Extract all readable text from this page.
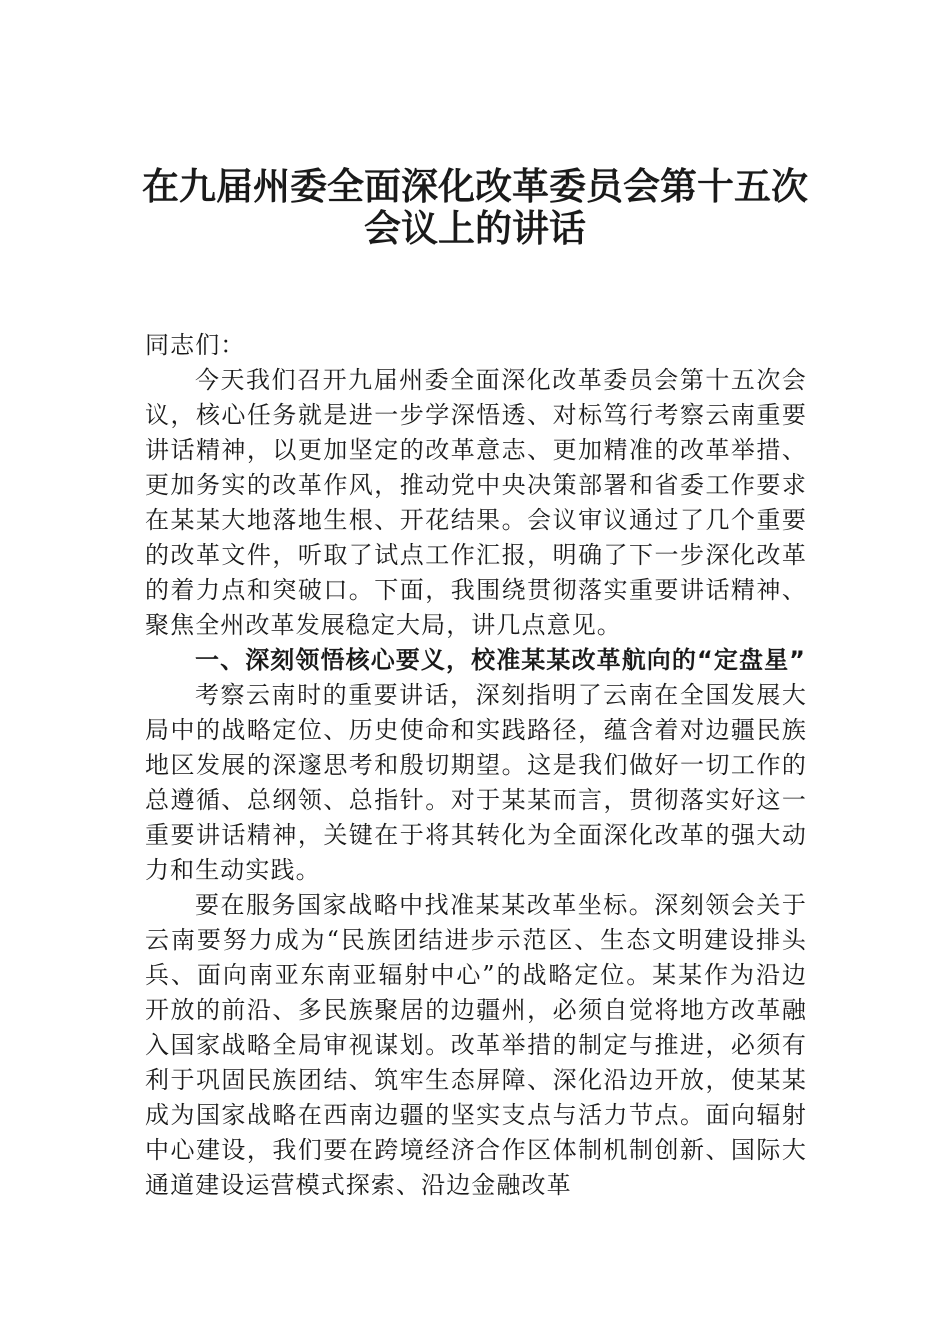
在九届州委全面深化改革委员会第十五次
会议上的讲话

同志们：

今天我们召开九届州委全面深化改革委员会第十五次会议，核心任务就是进一步学深悟透、对标笃行考察云南重要讲话精神，以更加坚定的改革意志、更加精准的改革举措、更加务实的改革作风，推动党中央决策部署和省委工作要求在某某大地落地生根、开花结果。会议审议通过了几个重要的改革文件，听取了试点工作汇报，明确了下一步深化改革的着力点和突破口。下面，我围绕贯彻落实重要讲话精神、聚焦全州改革发展稳定大局，讲几点意见。

一、深刻领悟核心要义，校准某某改革航向的“定盘星”

考察云南时的重要讲话，深刻指明了云南在全国发展大局中的战略定位、历史使命和实践路径，蕴含着对边疆民族地区发展的深邃思考和殷切期望。这是我们做好一切工作的总遵循、总纲领、总指针。对于某某而言，贯彻落实好这一重要讲话精神，关键在于将其转化为全面深化改革的强大动力和生动实践。

要在服务国家战略中找准某某改革坐标。深刻领会关于云南要努力成为“民族团结进步示范区、生态文明建设排头兵、面向南亚东南亚辐射中心”的战略定位。某某作为沿边开放的前沿、多民族聚居的边疆州，必须自觉将地方改革融入国家战略全局审视谋划。改革举措的制定与推进，必须有利于巩固民族团结、筑牢生态屏障、深化沿边开放，使某某成为国家战略在西南边疆的坚实支点与活力节点。面向辐射中心建设，我们要在跨境经济合作区体制机制创新、国际大通道建设运营模式探索、沿边金融改革
